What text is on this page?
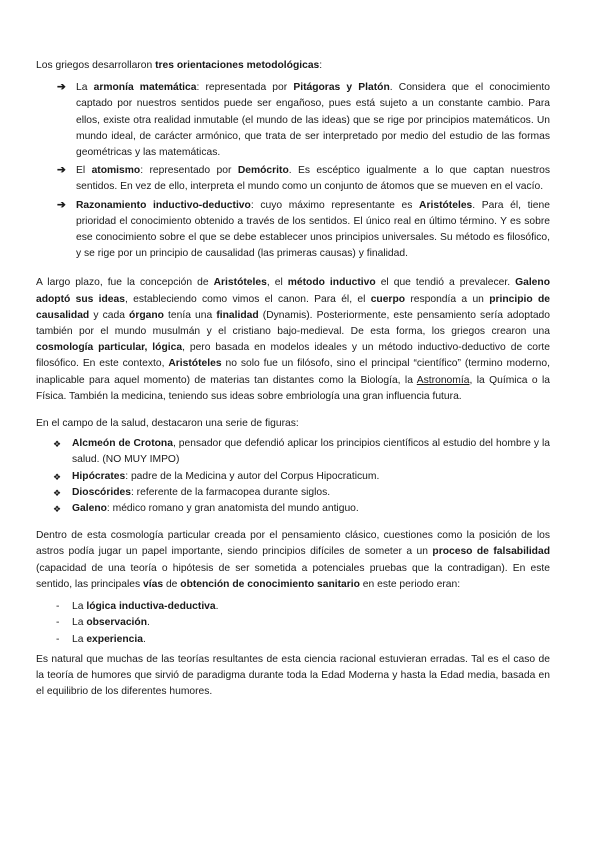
Los griegos desarrollaron tres orientaciones metodológicas:

➔ La armonía matemática: representada por Pitágoras y Platón. Considera que el conocimiento captado por nuestros sentidos puede ser engañoso, pues está sujeto a un constante cambio. Para ellos, existe otra realidad inmutable (el mundo de las ideas) que se rige por principios matemáticos. Un mundo ideal, de carácter armónico, que trata de ser interpretado por medio del estudio de las formas geométricas y las matemáticas.
➔ El atomismo: representado por Demócrito. Es escéptico igualmente a lo que captan nuestros sentidos. En vez de ello, interpreta el mundo como un conjunto de átomos que se mueven en el vacío.
➔ Razonamiento inductivo-deductivo: cuyo máximo representante es Aristóteles. Para él, tiene prioridad el conocimiento obtenido a través de los sentidos. El único real en último término. Y es sobre ese conocimiento sobre el que se debe establecer unos principios universales. Su método es filosófico, y se rige por un principio de causalidad (las primeras causas) y finalidad.

A largo plazo, fue la concepción de Aristóteles, el método inductivo el que tendió a prevalecer. Galeno adoptó sus ideas, estableciendo como vimos el canon. Para él, el cuerpo respondía a un principio de causalidad y cada órgano tenía una finalidad (Dynamis). Posteriormente, este pensamiento sería adoptado también por el mundo musulmán y el cristiano bajo-medieval. De esta forma, los griegos crearon una cosmología particular, lógica, pero basada en modelos ideales y un método inductivo-deductivo de corte filosófico. En este contexto, Aristóteles no solo fue un filósofo, sino el principal “científico” (termino moderno, inaplicable para aquel momento) de materias tan distantes como la Biología, la Astronomía, la Química o la Física. También la medicina, teniendo sus ideas sobre embriología una gran influencia futura.

En el campo de la salud, destacaron una serie de figuras:

❖ Alcmeón de Crotona, pensador que defendió aplicar los principios científicos al estudio del hombre y la salud. (NO MUY IMPO)
❖ Hipócrates: padre de la Medicina y autor del Corpus Hipocraticum.
❖ Dioscórides: referente de la farmacopea durante siglos.
❖ Galeno: médico romano y gran anatomista del mundo antiguo.

Dentro de esta cosmología particular creada por el pensamiento clásico, cuestiones como la posición de los astros podía jugar un papel importante, siendo principios difíciles de someter a un proceso de falsabilidad (capacidad de una teoría o hipótesis de ser sometida a potenciales pruebas que la contradigan). En este sentido, las principales vías de obtención de conocimiento sanitario en este periodo eran:

- La lógica inductiva-deductiva.
- La observación.
- La experiencia.

Es natural que muchas de las teorías resultantes de esta ciencia racional estuvieran erradas. Tal es el caso de la teoría de humores que sirvió de paradigma durante toda la Edad Moderna y hasta la Edad media, basada en el equilibrio de los diferentes humores.
